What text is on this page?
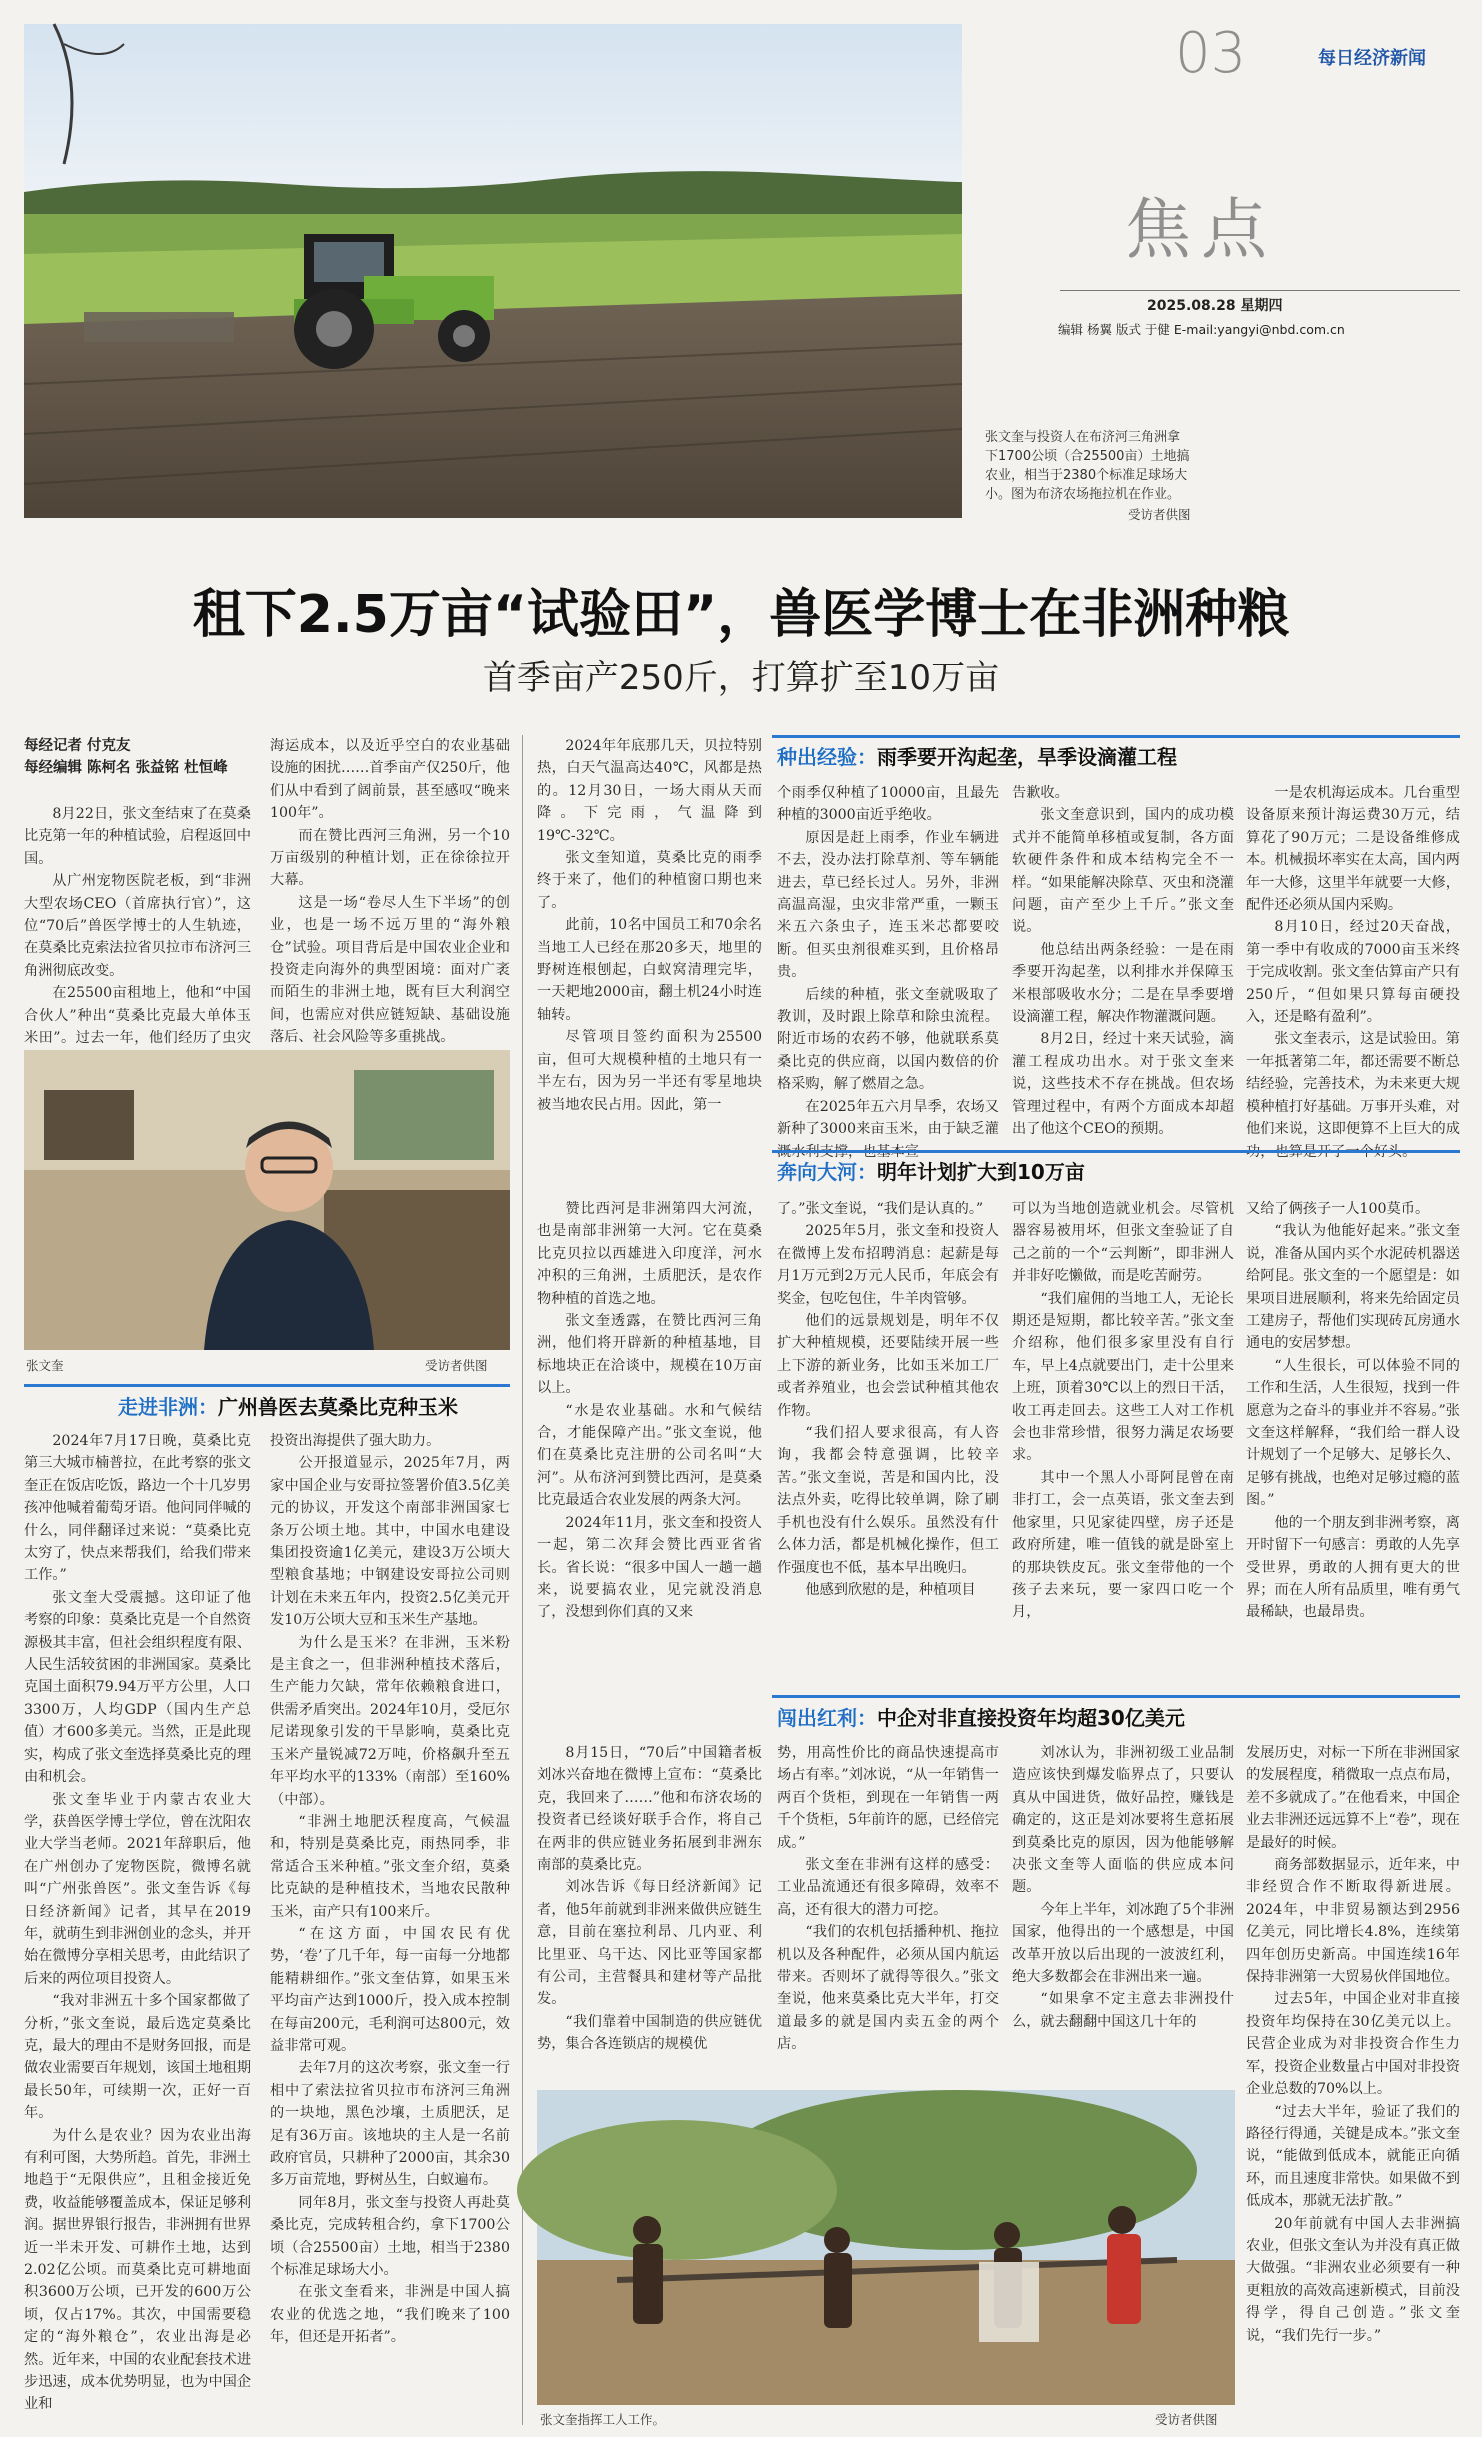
03	每日经济新闻
焦点
2025.08.28 星期四
编辑 杨翼 版式 于健 E-mail:yangyi@nbd.com.cn
张文奎与投资人在布济河三角洲拿下1700公顷（合25500亩）土地搞农业，相当于2380个标准足球场大小。图为布济农场拖拉机在作业。
受访者供图
租下2.5万亩“试验田”，兽医学博士在非洲种粮
首季亩产250斤，打算扩至10万亩
每经记者 付克友
每经编辑 陈柯名 张益铭 杜恒峰

8月22日，张文奎结束了在莫桑比克第一年的种植试验，启程返回中国。

从广州宠物医院老板，到“非洲大型农场CEO（首席执行官）”，这位“70后”兽医学博士的人生轨迹，在莫桑比克索法拉省贝拉市布济河三角洲彻底改变。

在25500亩租地上，他和“中国合伙人”种出“莫桑比克最大单体玉米田”。过去一年，他们经历了虫灾

海运成本，以及近乎空白的农业基础设施的困扰……首季亩产仅250斤，他们从中看到了阔前景，甚至感叹“晚来100年”。

而在赞比西河三角洲，另一个10万亩级别的种植计划，正在徐徐拉开大幕。

这是一场“卷尽人生下半场”的创业，也是一场不远万里的“海外粮仓”试验。项目背后是中国农业企业和投资走向海外的典型困境：面对广袤而陌生的非洲土地，既有巨大利润空间，也需应对供应链短缺、基础设施落后、社会风险等多重挑战。

张文奎	受访者供图
走进非洲： 广州兽医去莫桑比克种玉米

2024年7月17日晚，莫桑比克第三大城市楠普拉，在此考察的张文奎正在饭店吃饭，路边一个十几岁男孩冲他喊着葡萄牙语。他问同伴喊的什么，同伴翻译过来说：“莫桑比克太穷了，快点来帮我们，给我们带来工作。”

张文奎大受震撼。这印证了他考察的印象：莫桑比克是一个自然资源极其丰富，但社会组织程度有限、人民生活较贫困的非洲国家。莫桑比克国土面积79.94万平方公里，人口3300万，人均GDP（国内生产总值）才600多美元。当然，正是此现实，构成了张文奎选择莫桑比克的理由和机会。

张文奎毕业于内蒙古农业大学，获兽医学博士学位，曾在沈阳农业大学当老师。2021年辞职后，他在广州创办了宠物医院，微博名就叫“广州张兽医”。张文奎告诉《每日经济新闻》记者，其早在2019年，就萌生到非洲创业的念头，并开始在微博分享相关思考，由此结识了后来的两位项目投资人。

“我对非洲五十多个国家都做了分析，”张文奎说，最后选定莫桑比克，最大的理由不是财务回报，而是做农业需要百年规划，该国土地租期最长50年，可续期一次，正好一百年。

为什么是农业？因为农业出海有利可图，大势所趋。首先，非洲土地趋于“无限供应”，且租金接近免费，收益能够覆盖成本，保证足够利润。据世界银行报告，非洲拥有世界近一半未开发、可耕作土地，达到2.02亿公顷。而莫桑比克可耕地面积3600万公顷，已开发的600万公顷，仅占17%。其次，中国需要稳定的“海外粮仓”，农业出海是必然。近年来，中国的农业配套技术进步迅速，成本优势明显，也为中国企业和

投资出海提供了强大助力。

公开报道显示，2025年7月，两家中国企业与安哥拉签署价值3.5亿美元的协议，开发这个南部非洲国家七条万公顷土地。其中，中国水电建设集团投资逾1亿美元，建设3万公顷大型粮食基地；中钢建设安哥拉公司则计划在未来五年内，投资2.5亿美元开发10万公顷大豆和玉米生产基地。

为什么是玉米？在非洲，玉米粉是主食之一，但非洲种植技术落后，生产能力欠缺，常年依赖粮食进口，供需矛盾突出。2024年10月，受厄尔尼诺现象引发的干旱影响，莫桑比克玉米产量锐减72万吨，价格飙升至五年平均水平的133%（南部）至160%（中部）。

“非洲土地肥沃程度高，气候温和，特别是莫桑比克，雨热同季，非常适合玉米种植。”张文奎介绍，莫桑比克缺的是种植技术，当地农民散种玉米，亩产只有100来斤。

“在这方面，中国农民有优势，‘卷’了几千年，每一亩每一分地都能精耕细作。”张文奎估算，如果玉米平均亩产达到1000斤，投入成本控制在每亩200元，毛利润可达800元，效益非常可观。

去年7月的这次考察，张文奎一行相中了索法拉省贝拉市布济河三角洲的一块地，黑色沙壤，土质肥沃，足足有36万亩。该地块的主人是一名前政府官员，只耕种了2000亩，其余30多万亩荒地，野树丛生，白蚁遍布。

同年8月，张文奎与投资人再赴莫桑比克，完成转租合约，拿下1700公顷（合25500亩）土地，相当于2380个标准足球场大小。

在张文奎看来，非洲是中国人搞农业的优选之地，“我们晚来了100年，但还是开拓者”。

2024年年底那几天，贝拉特别热，白天气温高达40℃，风都是热的。12月30日，一场大雨从天而降。下完雨，气温降到19℃-32℃。

张文奎知道，莫桑比克的雨季终于来了，他们的种植窗口期也来了。

此前，10名中国员工和70余名当地工人已经在那20多天，地里的野树连根刨起，白蚁窝清理完毕，一天耙地2000亩，翻土机24小时连轴转。

尽管项目签约面积为25500亩，但可大规模种植的土地只有一半左右，因为另一半还有零星地块被当地农民占用。因此，第一

种出经验： 雨季要开沟起垄，旱季设滴灌工程

个雨季仅种植了10000亩，且最先种植的3000亩近乎绝收。

原因是赶上雨季，作业车辆进不去，没办法打除草剂、等车辆能进去，草已经长过人。另外，非洲高温高湿，虫灾非常严重，一颗玉米五六条虫子，连玉米芯都要咬断。但买虫剂很难买到，且价格昂贵。

后续的种植，张文奎就吸取了教训，及时跟上除草和除虫流程。附近市场的农药不够，他就联系莫桑比克的供应商，以国内数倍的价格采购，解了燃眉之急。

在2025年五六月旱季，农场又新种了3000来亩玉米，由于缺乏灌

告歉收。

张文奎意识到，国内的成功模式并不能简单移植或复制，各方面软硬件条件和成本结构完全不一样。“如果能解决除草、灭虫和浇灌问题，亩产至少上千斤。”张文奎说。

他总结出两条经验：一是在雨季要开沟起垄，以利排水并保障玉米根部吸收水分；二是在旱季要增设滴灌工程，解决作物灌溉问题。

8月2日，经过十来天试验，滴灌工程成功出水。对于张文奎来说，这些技术不存在挑战。但农场管理过程中，有两个方面成本却超出了他这个CEO的预期。

一是农机海运成本。几台重型设备原来预计海运费30万元，结算花了90万元；二是设备维修成本。机械损坏率实在太高，国内两年一大修，这里半年就要一大修，配件还必须从国内采购。

8月10日，经过20天奋战，第一季中有收成的7000亩玉米终于完成收割。张文奎估算亩产只有250斤，“但如果只算每亩硬投入，还是略有盈利”。

张文奎表示，这是试验田。第一年抵著第二年，都还需要不断总结经验，完善技术，为未来更大规模种植打好基础。万事开头难，对他们来说，这即便算不上巨大的成

奔向大河： 明年计划扩大到10万亩

赞比西河是非洲第四大河流，也是南部非洲第一大河。它在莫桑比克贝拉以西雄进入印度洋，河水冲积的三角洲，土质肥沃，是农作物种植的首选之地。

张文奎透露，在赞比西河三角洲，他们将开辟新的种植基地，目标地块正在洽谈中，规模在10万亩以上。

“水是农业基础。水和气候结合，才能保障产出。”张文奎说，他们在莫桑比克注册的公司名叫“大河”。从布济河到赞比西河，是莫桑比克最适合农业发展的两条大河。

2024年11月，张文奎和投资人一起，第二次拜会赞比西亚省省长。省长说：“很多中国人一趟一趟来，说要搞农业，见完就没消息了，没想到你们真的又来

了。”张文奎说，“我们是认真的。”

2025年5月，张文奎和投资人在微博上发布招聘消息：起薪是每月1万元到2万元人民币，年底会有奖金，包吃包住，牛羊肉管够。

他们的远景规划是，明年不仅扩大种植规模，还要陆续开展一些上下游的新业务，比如玉米加工厂或者养殖业，也会尝试种植其他农作物。

“我们招人要求很高，有人咨询，我都会特意强调，比较辛苦。”张文奎说，苦是和国内比，没法点外卖，吃得比较单调，除了刷手机也没有什么娱乐。虽然没有什么体力活，都是机械化操作，但工作强度也不低，基本早出晚归。

他感到欣慰的是，种植项目

可以为当地创造就业机会。尽管机器容易被用坏，但张文奎验证了自己之前的一个“云判断”，即非洲人并非好吃懒做，而是吃苦耐劳。

“我们雇佣的当地工人，无论长期还是短期，都比较辛苦。”张文奎介绍称，他们很多家里没有自行车，早上4点就要出门，走十公里来上班，顶着30℃以上的烈日干活，收工再走回去。这些工人对工作机会也非常珍惜，很努力满足农场要求。

其中一个黑人小哥阿昆曾在南非打工，会一点英语，张文奎去到他家里，只见家徒四壁，房子还是政府所建，唯一值钱的就是卧室上的那块铁皮瓦。张文奎带他的一个孩子去来玩，要一家四口吃一个月，

又给了俩孩子一人100莫币。

“我认为他能好起来。”张文奎说，准备从国内买个水泥砖机器送给阿昆。张文奎的一个愿望是：如果项目进展顺利，将来先给固定员工建房子，帮他们实现砖瓦房通水通电的安居梦想。

“人生很长，可以体验不同的工作和生活，人生很短，找到一件愿意为之奋斗的事业并不容易。”张文奎这样解释，“我们给一群人设计规划了一个足够大、足够长久、足够有挑战，也绝对足够过瘾的蓝图。”

他的一个朋友到非洲考察，离开时留下一句感言：勇敢的人先享受世界，勇敢的人拥有更大的世界；而在人所有品质里，唯有勇气最稀缺，也最昂贵。

闯出红利： 中企对非直接投资年均超30亿美元

8月15日，“70后”中国籍者板刘冰兴奋地在微博上宣布：“莫桑比克，我回来了……”他和布济农场的投资者已经谈好联手合作，将自己在两非的供应链业务拓展到非洲东南部的莫桑比克。

刘冰告诉《每日经济新闻》记者，他5年前就到非洲来做供应链生意，目前在塞拉利昂、几内亚、利比里亚、乌干达、冈比亚等国家都有公司，主营餐具和建材等产品批发。

“我们靠着中国制造的供应链优势，集合各连锁店的规模优

势，用高性价比的商品快速提高市场占有率。”刘冰说，“从一年销售一两百个货柜，到现在一年销售一两千个货柜，5年前许的愿，已经倍完成。”

张文奎在非洲有这样的感受：工业品流通还有很多障碍，效率不高，还有很大的潜力可挖。

“我们的农机包括播种机、拖拉机以及各种配件，必须从国内航运带来。否则坏了就得等很久。”张文奎说，他来莫桑比克大半年，打交道最多的就是国内卖五金的两个店。

刘冰认为，非洲初级工业品制造应该快到爆发临界点了，只要认真从中国进货，做好品控，赚钱是确定的，这正是刘冰要将生意拓展到莫桑比克的原因，因为他能够解决张文奎等人面临的供应成本问题。

今年上半年，刘冰跑了5个非洲国家，他得出的一个感想是，中国改革开放以后出现的一波波红利，绝大多数都会在非洲出来一遍。

“如果拿不定主意去非洲投什么，就去翻翻中国这几十年的

发展历史，对标一下所在非洲国家的发展程度，稍微取一点点布局，差不多就成了。”在他看来，中国企业去非洲还远远算不上“卷”，现在是最好的时候。

商务部数据显示，近年来，中非经贸合作不断取得新进展。2024年，中非贸易额达到2956亿美元，同比增长4.8%，连续第四年创历史新高。中国连续16年保持非洲第一大贸易伙伴国地位。

过去5年，中国企业对非直接投资年均保持在30亿美元以上。民营企业成为对非投资合作生力军，投资企业数量占中国对非投资企业总数的70%以上。

“过去大半年，验证了我们的路径行得通，关键是成本。”张文奎说，“能做到低成本，就能正向循环，而且速度非常快。如果做不到低成本，那就无法扩散。”

20年前就有中国人去非洲搞农业，但张文奎认为并没有真正做大做强。“非洲农业必须要有一种更粗放的高效高速新模式，目前没得学，得自己创造。”张文奎说，“我们先行一步。”

张文奎指挥工人工作。	受访者供图
